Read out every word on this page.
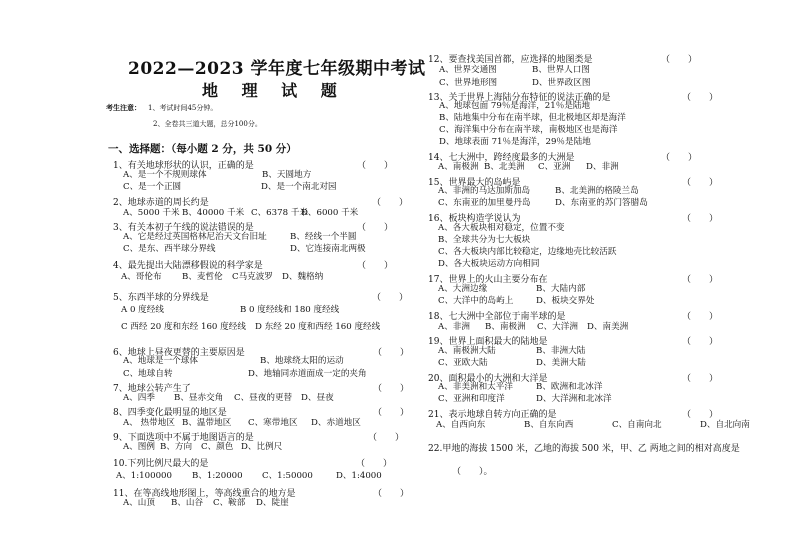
2022—2023 学年度七年级期中考试
地 理 试 题
考生注意： 1、考试时间45分钟。
2、全卷共三道大题，总分100分。
一、选择题：（每小题 2 分，共 50 分）
1、有关地球形状的认识，正确的是
A、是一个不规则球体	B、天圆地方
C、是一个正圆	D、是一个南北对园
2、地球赤道的周长约是
A、5000 千米 B、40000 千米 C、6378 千米
D、6000 千米
3、有关本初子午线的说法错误的是
A、它是经过英国格林尼治天文台旧址	B、经线一个半圆
C、是东、西半球分界线	D、它连接南北两极
4、最先提出大陆漂移假说的科学家是
A、哥伦布 B、麦哲伦 C马克波罗 D、魏格纳
5、东西半球的分界线是
A 0 度经线	B 0 度经线和 180 度经线
C 西经 20 度和东经 160 度经线 D 东经 20 度和西经 160 度经线
6、地球上昼夜更替的主要原因是
A、地球是一个球体	B、地球绕太阳的运动
C、地球自转	D、地轴同赤道面成一定的夹角
7、地球公转产生了
A、四季 B、昼赤交角 C、昼夜的更替 D、昼夜
8、四季变化最明显的地区是
A、 热带地区 B、温带地区 C、寒带地区 D、赤道地区
9、下面选项中不属于地图语言的是
A、图例 B、方向 C、颜色 D、比例尺
10.下列比例尺最大的是
A、1:100000 B、1:20000 C、1:50000	D、1:4000
11、在等高线地形图上，等高线重合的地方是
A、山顶 B、山谷 C、鞍部 D、陡崖
（　　）
（　　）
（　　）
（　　）
（　　）
（　　）
（　　）
（　　）
（　　）
（　　）
（　　）
12、要查找美国首都，应选择的地图类是
A、世界交通图	B、世界人口图
C、世界地形图	D、世界政区图
13、关于世界上海陆分布特征的说法正确的是
A、地球包面 79％是海洋，21％是陆地
B、陆地集中分布在南半球，但北极地区却是海洋
C、海洋集中分布在南半球，南极地区也是海洋
D、地球表面 71％是海洋，29％是陆地
14、七大洲中，跨经度最多的大洲是
A、南极洲 B、北美洲 C、亚洲 D、非洲
15、世界最大的岛屿是
A、非洲的马达加斯加岛	B、北美洲的格陵兰岛
C、东南亚的加里曼丹岛	D、东南亚的苏门答腊岛
16、板块构造学说认为
A、各大板块相对稳定，位置不变
B、全球共分为七大板块
C、各大板块内部比较稳定，边缘地壳比较活跃
D、各大板块运动方向相同
17、世界上的火山主要分布在
A、大洲边缘	B、大陆内部
C、大洋中的岛屿上	D、板块交界处
18、七大洲中全部位于南半球的是
A、非洲 B、南极洲 C、大洋洲 D、南美洲
19、世界上面积最大的陆地是
A、南极洲大陆	B、非洲大陆
C、亚欧大陆	D、美洲大陆
20、面积最小的大洲和大洋是
A、非美洲和太平洋	B、欧洲和北冰洋
C、亚洲和印度洋	D、大洋洲和北冰洋
21、表示地球自转方向正确的是
A、自西向东	B、自东向西	C、自南向北	D、自北向南
22.甲地的海拔 1500 米，乙地的海拔 500 米，甲、乙 两地之间的相对高度是
（　　）。
（　　）
（　　）
（　　）
（　　）
（　　）
（　　）
（　　）
（　　）
（　　）
（　　）
